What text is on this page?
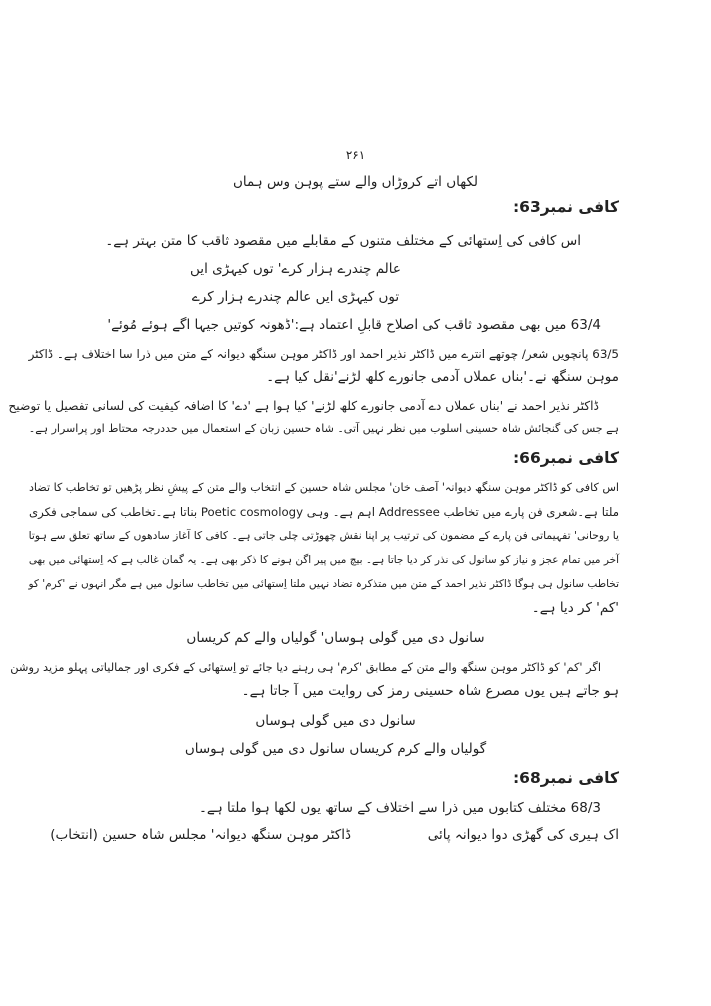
۲۶۱
لکھاں اتے کروڑاں والے ستے پوہن وس ہماں
کافی نمبر63:
اس کافی کی اِستھائی کے مختلف متنوں کے مقابلے میں مقصود ثاقب کا متن بہتر ہے۔
عالم چندرے ہزار کرے' توں کیہڑی ایں
توں کیہڑی ایں عالم چندرے ہزار کرے
63/4 میں بھی مقصود ثاقب کی اصلاح قابلِ اعتماد ہے:'ڈھونہ کوتیں جیہا اگے ہوئے مُوئے'
63/5 پانچویں شعر/ چوتھے انترے میں ڈاکٹر نذیر احمد اور ڈاکٹر موہن سنگھ دیوانہ کے متن میں ذرا سا اختلاف ہے۔ ڈاکٹر
موہن سنگھ نے۔'بناں عملاں آدمی جانورے کلھ لڑنے'نقل کیا ہے۔
ڈاکٹر نذیر احمد نے 'بناں عملاں دے آدمی جانورے کلھ لڑنے' کیا ہوا ہے 'دے' کا اضافہ کیفیت کی لسانی تفصیل یا توضیح
ہے جس کی گنجائش شاہ حسینی اسلوب میں نظر نہیں آتی۔ شاہ حسین زبان کے استعمال میں حددرجہ محتاط اور پراسرار ہے۔
کافی نمبر66:
اس کافی کو ڈاکٹر موہن سنگھ دیوانہ' آصف خان' مجلس شاہ حسین کے انتخاب والے متن کے پیشِ نظر پڑھیں تو تخاطب کا تضاد
ملتا ہے۔شعری فن پارے میں تخاطب Addressee اہم ہے۔ وہی Poetic cosmology بناتا ہے۔تخاطب کی سماجی فکری
یا روحانی' تفہیماتی فن پارے کے مضمون کی ترتیب پر اپنا نقش چھوڑتی چلی جاتی ہے۔ کافی کا آغاز سادھوں کے ساتھ تعلق سے ہوتا
آخر میں تمام عجز و نیاز کو سانول کی نذر کر دیا جاتا ہے۔ بیچ میں پیر اگن ہونے کا ذکر بھی ہے۔ یہ گمان غالب ہے کہ اِستھائی میں بھی
تخاطب سانول ہی ہوگا ڈاکٹر نذیر احمد کے متن میں متذکرہ تضاد نہیں ملتا اِستھائی میں تخاطب سانول میں ہے مگر انہوں نے 'کرم' کو
'کم' کر دیا ہے۔
سانول دی میں گولی ہوساں' گولیاں والے کم کریساں
اگر 'کم' کو ڈاکٹر موہن سنگھ والے متن کے مطابق 'کرم' ہی رہنے دیا جائے تو اِستھائی کے فکری اور جمالیاتی پہلو مزید روشن
ہو جاتے ہیں یوں مصرع شاہ حسینی رمز کی روایت میں آ جاتا ہے۔
سانول دی میں گولی ہوساں
گولیاں والے کرم کریساں سانول دی میں گولی ہوساں
کافی نمبر68:
68/3 مختلف کتابوں میں ذرا سے اختلاف کے ساتھ یوں لکھا ہوا ملتا ہے۔
اک ہیری کی گھڑی دوا دیوانہ پائی
ڈاکٹر موہن سنگھ دیوانہ' مجلس شاہ حسین (انتخاب)
